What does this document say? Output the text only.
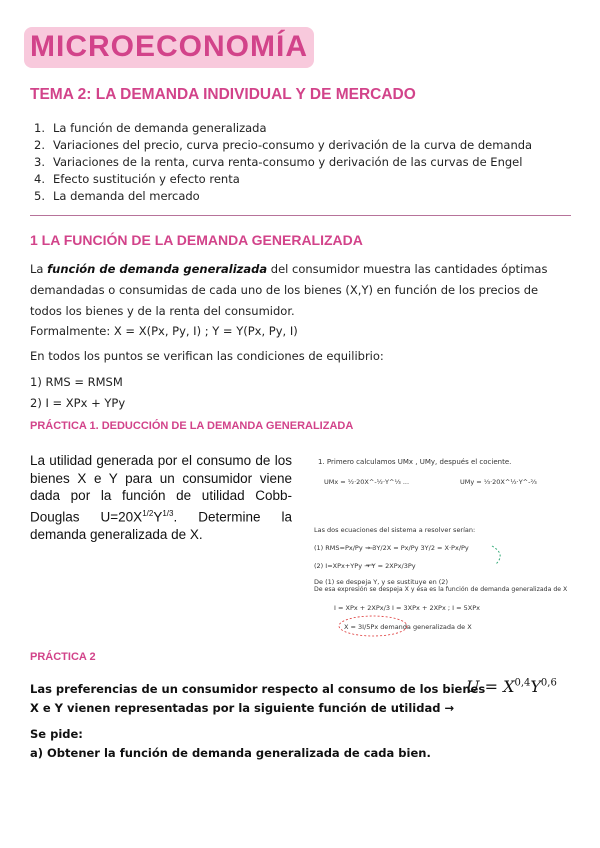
MICROECONOMÍA
TEMA 2: LA DEMANDA INDIVIDUAL Y DE MERCADO
1. La función de demanda generalizada
2. Variaciones del precio, curva precio-consumo y derivación de la curva de demanda
3. Variaciones de la renta, curva renta-consumo y derivación de las curvas de Engel
4. Efecto sustitución y efecto renta
5. La demanda del mercado
1 LA FUNCIÓN DE LA DEMANDA GENERALIZADA
La función de demanda generalizada del consumidor muestra las cantidades óptimas demandadas o consumidas de cada uno de los bienes (X,Y) en función de los precios de todos los bienes y de la renta del consumidor.
Formalmente: X = X(Px, Py, I) ; Y = Y(Px, Py, I)
En todos los puntos se verifican las condiciones de equilibrio:
1) RMS = RMSM
2) I = XPx + YPy
PRÁCTICA 1. DEDUCCIÓN DE LA DEMANDA GENERALIZADA
La utilidad generada por el consumo de los bienes X e Y para un consumidor viene dada por la función de utilidad Cobb-Douglas $U=20X^{1/2}Y^{1/3}$. Determine la demanda generalizada de X.
1. Primero calculamos UMx , UMy, después el cociente.
UMx = ½·20X^-½·Y^⅓ ...	UMy = ⅓·20X^½·Y^-⅔
Las dos ecuaciones del sistema a resolver serían:
(1) RMS=Px/Py → 3Y/2X = Px/Py 3Y/2 = X·Px/Py
(2) I=XPx+YPy → Y = 2XPx/3Py
De (1) se despeja Y, y se sustituye en (2)
De esa expresión se despeja X y ésa es la función de demanda generalizada de X
I = XPx + 2XPx/3 I = 3XPx + 2XPx ; I = 5XPx
X = 3I/5Px demanda generalizada de X
PRÁCTICA 2
Las preferencias de un consumidor respecto al consumo de los bienes
X e Y vienen representadas por la siguiente función de utilidad →
$U = X^{0,4}Y^{0,6}$
Se pide:
a) Obtener la función de demanda generalizada de cada bien.
